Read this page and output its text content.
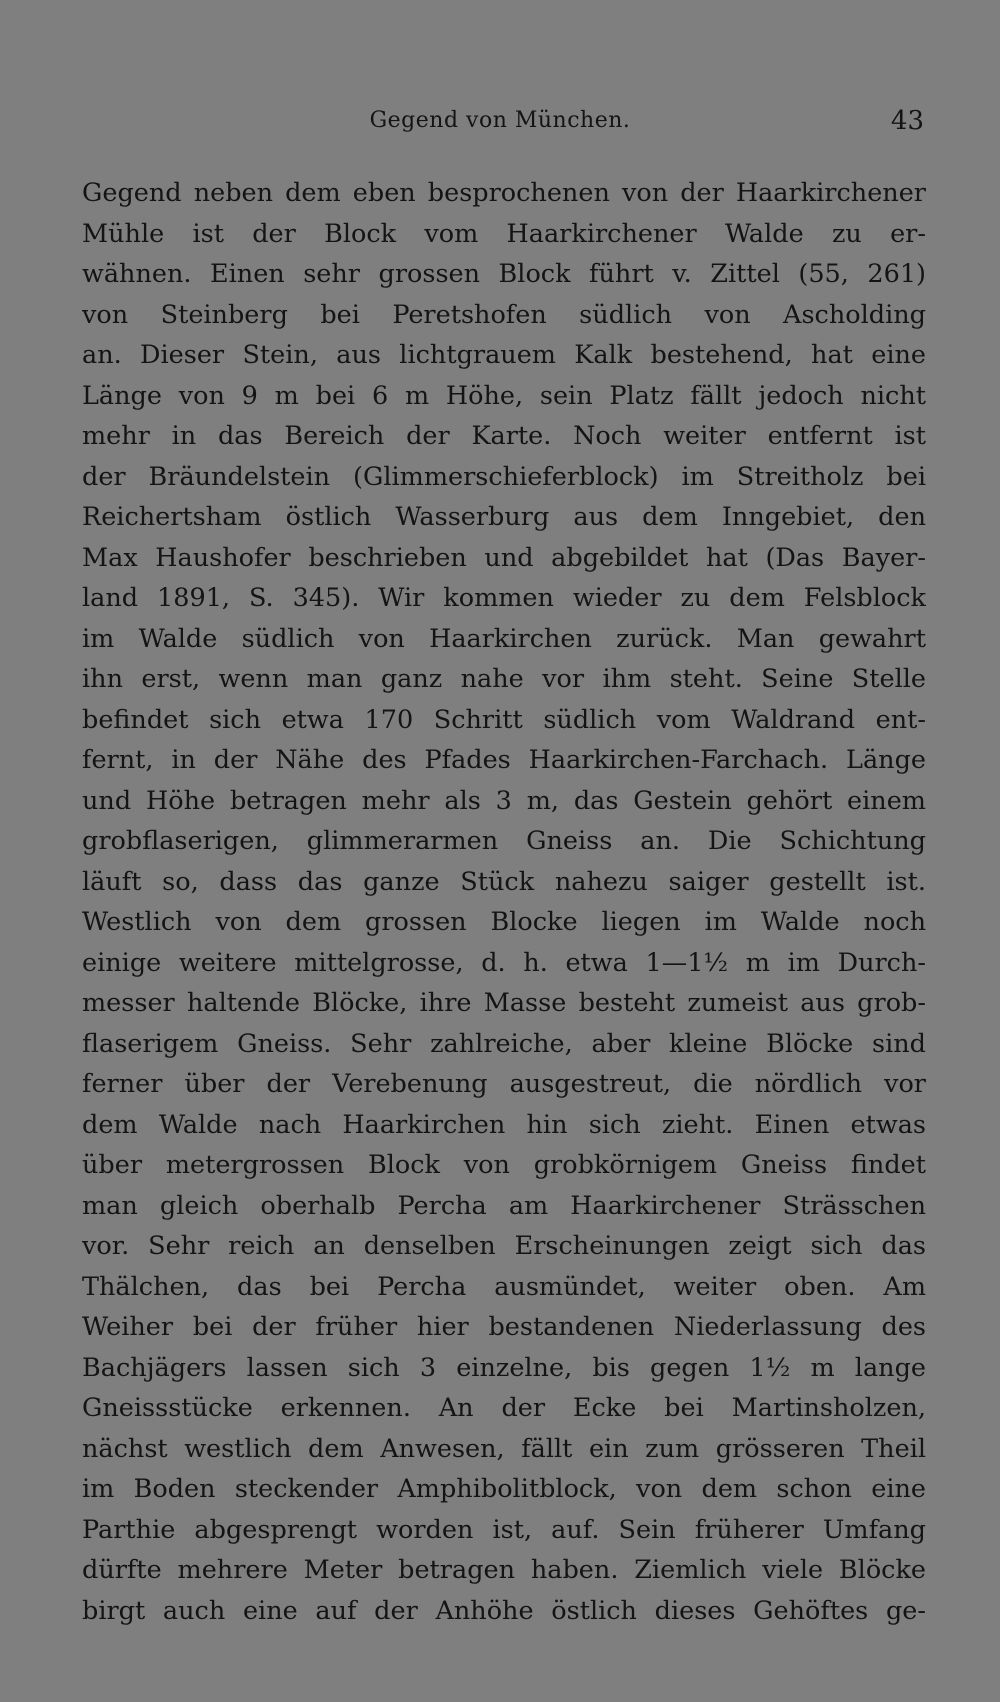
Gegend von München.	43
Gegend neben dem eben besprochenen von der Haarkirchener
Mühle ist der Block vom Haarkirchener Walde zu er-
wähnen. Einen sehr grossen Block führt v. Zittel (55, 261)
von Steinberg bei Peretshofen südlich von Ascholding
an. Dieser Stein, aus lichtgrauem Kalk bestehend, hat eine
Länge von 9 m bei 6 m Höhe, sein Platz fällt jedoch nicht
mehr in das Bereich der Karte. Noch weiter entfernt ist
der Bräundelstein (Glimmerschieferblock) im Streitholz bei
Reichertsham östlich Wasserburg aus dem Inngebiet, den
Max Haushofer beschrieben und abgebildet hat (Das Bayer-
land 1891, S. 345). Wir kommen wieder zu dem Felsblock
im Walde südlich von Haarkirchen zurück. Man gewahrt
ihn erst, wenn man ganz nahe vor ihm steht. Seine Stelle
befindet sich etwa 170 Schritt südlich vom Waldrand ent-
fernt, in der Nähe des Pfades Haarkirchen-Farchach. Länge
und Höhe betragen mehr als 3 m, das Gestein gehört einem
grobflaserigen, glimmerarmen Gneiss an. Die Schichtung
läuft so, dass das ganze Stück nahezu saiger gestellt ist.
Westlich von dem grossen Blocke liegen im Walde noch
einige weitere mittelgrosse, d. h. etwa 1—1½ m im Durch-
messer haltende Blöcke, ihre Masse besteht zumeist aus grob-
flaserigem Gneiss. Sehr zahlreiche, aber kleine Blöcke sind
ferner über der Verebenung ausgestreut, die nördlich vor
dem Walde nach Haarkirchen hin sich zieht. Einen etwas
über metergrossen Block von grobkörnigem Gneiss findet
man gleich oberhalb Percha am Haarkirchener Strässchen
vor. Sehr reich an denselben Erscheinungen zeigt sich das
Thälchen, das bei Percha ausmündet, weiter oben. Am
Weiher bei der früher hier bestandenen Niederlassung des
Bachjägers lassen sich 3 einzelne, bis gegen 1½ m lange
Gneissstücke erkennen. An der Ecke bei Martinsholzen,
nächst westlich dem Anwesen, fällt ein zum grösseren Theil
im Boden steckender Amphibolitblock, von dem schon eine
Parthie abgesprengt worden ist, auf. Sein früherer Umfang
dürfte mehrere Meter betragen haben. Ziemlich viele Blöcke
birgt auch eine auf der Anhöhe östlich dieses Gehöftes ge-
